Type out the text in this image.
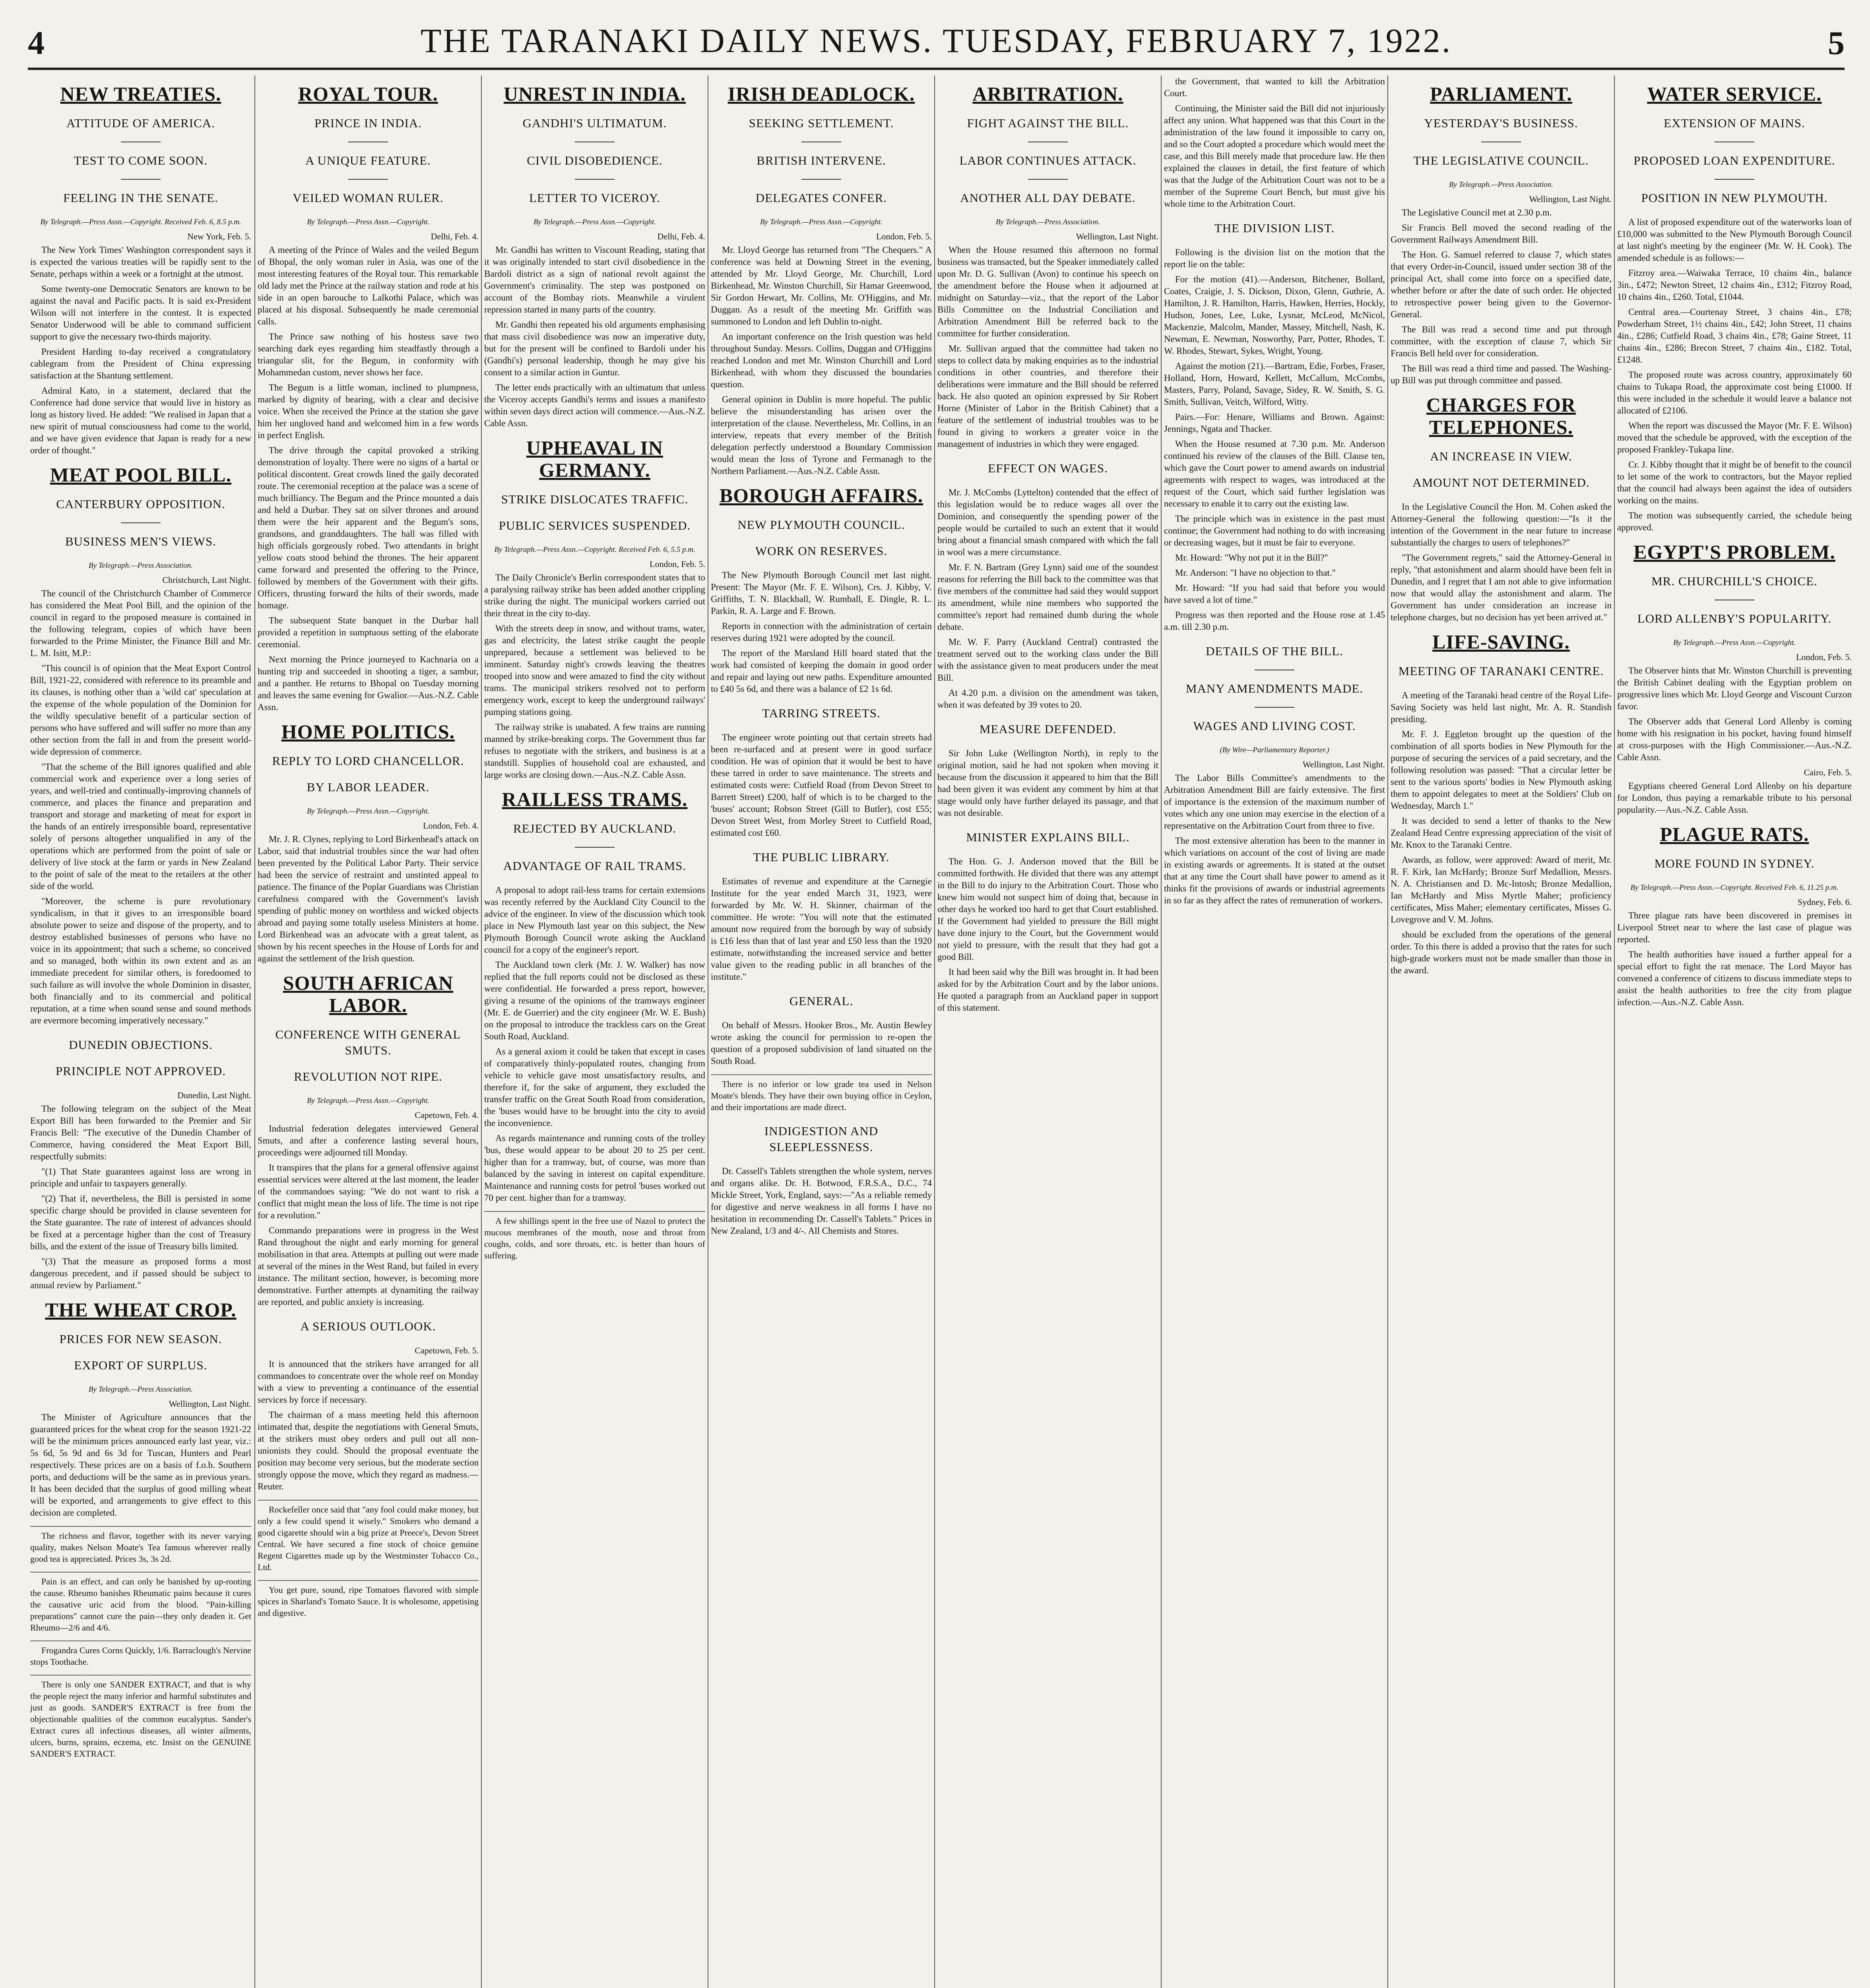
4	THE TARANAKI DAILY NEWS. TUESDAY, FEBRUARY 7, 1922.	5
NEW TREATIES.
ATTITUDE OF AMERICA.
TEST TO COME SOON.
FEELING IN THE SENATE.
By Telegraph.—Press Assn.—Copyright. Received Feb. 6, 8.5 p.m.
New York, Feb. 5.

The New York Times' Washington correspondent says it is expected the various treaties will be rapidly sent to the Senate, perhaps within a week or a fortnight at the utmost.

Some twenty-one Democratic Senators are known to be against the naval and Pacific pacts. It is said ex-President Wilson will not interfere in the contest. It is expected Senator Underwood will be able to command sufficient support to give the necessary two-thirds majority.

President Harding to-day received a congratulatory cablegram from the President of China expressing satisfaction at the Shantung settlement.

Admiral Kato, in a statement, declared that the Conference had done service that would live in history as long as history lived. He added: "We realised in Japan that a new spirit of mutual consciousness had come to the world, and we have given evidence that Japan is ready for a new order of thought."

MEAT POOL BILL.
CANTERBURY OPPOSITION.
BUSINESS MEN'S VIEWS.
By Telegraph.—Press Association.
Christchurch, Last Night.

The council of the Christchurch Chamber of Commerce has considered the Meat Pool Bill, and the opinion of the council in regard to the proposed measure is contained in the following telegram, copies of which have been forwarded to the Prime Minister, the Finance Bill and Mr. L. M. Isitt, M.P.:

"This council is of opinion that the Meat Export Control Bill, 1921-22, considered with reference to its preamble and its clauses, is nothing other than a 'wild cat' speculation at the expense of the whole population of the Dominion for the wildly speculative benefit of a particular section of persons who have suffered and will suffer no more than any other section from the fall in and from the present world-wide depression of commerce.

"That the scheme of the Bill ignores qualified and able commercial work and experience over a long series of years, and well-tried and continually-improving channels of commerce, and places the finance and preparation and transport and storage and marketing of meat for export in the hands of an entirely irresponsible board, representative solely of persons altogether unqualified in any of the operations which are performed from the point of sale or delivery of live stock at the farm or yards in New Zealand to the point of sale of the meat to the retailers at the other side of the world.

"Moreover, the scheme is pure revolutionary syndicalism, in that it gives to an irresponsible board absolute power to seize and dispose of the property, and to destroy established businesses of persons who have no voice in its appointment; that such a scheme, so conceived and so managed, both within its own extent and as an immediate precedent for similar others, is foredoomed to such failure as will involve the whole Dominion in disaster, both financially and to its commercial and political reputation, at a time when sound sense and sound methods are evermore becoming imperatively necessary."

DUNEDIN OBJECTIONS.
PRINCIPLE NOT APPROVED.
Dunedin, Last Night.

The following telegram on the subject of the Meat Export Bill has been forwarded to the Premier and Sir Francis Bell: "The executive of the Dunedin Chamber of Commerce, having considered the Meat Export Bill, respectfully submits:

"(1) That State guarantees against loss are wrong in principle and unfair to taxpayers generally.

"(2) That if, nevertheless, the Bill is persisted in some specific charge should be provided in clause seventeen for the State guarantee. The rate of interest of advances should be fixed at a percentage higher than the cost of Treasury bills, and the extent of the issue of Treasury bills limited.

"(3) That the measure as proposed forms a most dangerous precedent, and if passed should be subject to annual review by Parliament."

THE WHEAT CROP.
PRICES FOR NEW SEASON.
EXPORT OF SURPLUS.
By Telegraph.—Press Association.
Wellington, Last Night.

The Minister of Agriculture announces that the guaranteed prices for the wheat crop for the season 1921-22 will be the minimum prices announced early last year, viz.: 5s 6d, 5s 9d and 6s 3d for Tuscan, Hunters and Pearl respectively. These prices are on a basis of f.o.b. Southern ports, and deductions will be the same as in previous years. It has been decided that the surplus of good milling wheat will be exported, and arrangements to give effect to this decision are completed.

The richness and flavor, together with its never varying quality, makes Nelson Moate's Tea famous wherever really good tea is appreciated. Prices 3s, 3s 2d.

Pain is an effect, and can only be banished by up-rooting the cause. Rheumo banishes Rheumatic pains because it cures the causative uric acid from the blood. "Pain-killing preparations" cannot cure the pain—they only deaden it. Get Rheumo—2/6 and 4/6.

Frogandra Cures Corns Quickly, 1/6. Barraclough's Nervine stops Toothache.

There is only one SANDER EXTRACT, and that is why the people reject the many inferior and harmful substitutes and just as goods. SANDER'S EXTRACT is free from the objectionable qualities of the common eucalyptus. Sander's Extract cures all infectious diseases, all winter ailments, ulcers, burns, sprains, eczema, etc. Insist on the GENUINE SANDER'S EXTRACT.

ROYAL TOUR.
PRINCE IN INDIA.
A UNIQUE FEATURE.
VEILED WOMAN RULER.
By Telegraph.—Press Assn.—Copyright.
Delhi, Feb. 4.

A meeting of the Prince of Wales and the veiled Begum of Bhopal, the only woman ruler in Asia, was one of the most interesting features of the Royal tour. This remarkable old lady met the Prince at the railway station and rode at his side in an open barouche to Lalkothi Palace, which was placed at his disposal. Subsequently he made ceremonial calls.

The Prince saw nothing of his hostess save two searching dark eyes regarding him steadfastly through a triangular slit, for the Begum, in conformity with Mohammedan custom, never shows her face.

The Begum is a little woman, inclined to plumpness, marked by dignity of bearing, with a clear and decisive voice. When she received the Prince at the station she gave him her ungloved hand and welcomed him in a few words in perfect English.

The drive through the capital provoked a striking demonstration of loyalty. There were no signs of a hartal or political discontent. Great crowds lined the gaily decorated route. The ceremonial reception at the palace was a scene of much brilliancy. The Begum and the Prince mounted a dais and held a Durbar. They sat on silver thrones and around them were the heir apparent and the Begum's sons, grandsons, and granddaughters. The hall was filled with high officials gorgeously robed. Two attendants in bright yellow coats stood behind the thrones. The heir apparent came forward and presented the offering to the Prince, followed by members of the Government with their gifts. Officers, thrusting forward the hilts of their swords, made homage.

The subsequent State banquet in the Durbar hall provided a repetition in sumptuous setting of the elaborate ceremonial.

Next morning the Prince journeyed to Kachnaria on a hunting trip and succeeded in shooting a tiger, a sambur, and a panther. He returns to Bhopal on Tuesday morning and leaves the same evening for Gwalior.—Aus.-N.Z. Cable Assn.

HOME POLITICS.
REPLY TO LORD CHANCELLOR.
BY LABOR LEADER.
By Telegraph.—Press Assn.—Copyright.
London, Feb. 4.

Mr. J. R. Clynes, replying to Lord Birkenhead's attack on Labor, said that industrial troubles since the war had often been prevented by the Political Labor Party. Their service had been the service of restraint and unstinted appeal to patience. The finance of the Poplar Guardians was Christian carefulness compared with the Government's lavish spending of public money on worthless and wicked objects abroad and paying some totally useless Ministers at home. Lord Birkenhead was an advocate with a great talent, as shown by his recent speeches in the House of Lords for and against the settlement of the Irish question.

SOUTH AFRICAN LABOR.
CONFERENCE WITH GENERAL SMUTS.
REVOLUTION NOT RIPE.
By Telegraph.—Press Assn.—Copyright.
Capetown, Feb. 4.

Industrial federation delegates interviewed General Smuts, and after a conference lasting several hours, proceedings were adjourned till Monday.

It transpires that the plans for a general offensive against essential services were altered at the last moment, the leader of the commandoes saying: "We do not want to risk a conflict that might mean the loss of life. The time is not ripe for a revolution."

Commando preparations were in progress in the West Rand throughout the night and early morning for general mobilisation in that area. Attempts at pulling out were made at several of the mines in the West Rand, but failed in every instance. The militant section, however, is becoming more demonstrative. Further attempts at dynamiting the railway are reported, and public anxiety is increasing.

A SERIOUS OUTLOOK.
Capetown, Feb. 5.

It is announced that the strikers have arranged for all commandoes to concentrate over the whole reef on Monday with a view to preventing a continuance of the essential services by force if necessary.

The chairman of a mass meeting held this afternoon intimated that, despite the negotiations with General Smuts, at the strikers must obey orders and pull out all non-unionists they could. Should the proposal eventuate the position may become very serious, but the moderate section strongly oppose the move, which they regard as madness.—Reuter.

Rockefeller once said that "any fool could make money, but only a few could spend it wisely." Smokers who demand a good cigarette should win a big prize at Preece's, Devon Street Central. We have secured a fine stock of choice genuine Regent Cigarettes made up by the Westminster Tobacco Co., Ltd.

You get pure, sound, ripe Tomatoes flavored with simple spices in Sharland's Tomato Sauce. It is wholesome, appetising and digestive.

UNREST IN INDIA.
GANDHI'S ULTIMATUM.
CIVIL DISOBEDIENCE.
LETTER TO VICEROY.
By Telegraph.—Press Assn.—Copyright.
Delhi, Feb. 4.

Mr. Gandhi has written to Viscount Reading, stating that it was originally intended to start civil disobedience in the Bardoli district as a sign of national revolt against the Government's criminality. The step was postponed on account of the Bombay riots. Meanwhile a virulent repression started in many parts of the country.

Mr. Gandhi then repeated his old arguments emphasising that mass civil disobedience was now an imperative duty, but for the present will be confined to Bardoli under his (Gandhi's) personal leadership, though he may give his consent to a similar action in Guntur.

The letter ends practically with an ultimatum that unless the Viceroy accepts Gandhi's terms and issues a manifesto within seven days direct action will commence.—Aus.-N.Z. Cable Assn.

UPHEAVAL IN GERMANY.
STRIKE DISLOCATES TRAFFIC.
PUBLIC SERVICES SUSPENDED.
By Telegraph.—Press Assn.—Copyright. Received Feb. 6, 5.5 p.m.
London, Feb. 5.

The Daily Chronicle's Berlin correspondent states that to a paralysing railway strike has been added another crippling strike during the night. The municipal workers carried out their threat in the city to-day.

With the streets deep in snow, and without trams, water, gas and electricity, the latest strike caught the people unprepared, because a settlement was believed to be imminent. Saturday night's crowds leaving the theatres trooped into snow and were amazed to find the city without trams. The municipal strikers resolved not to perform emergency work, except to keep the underground railways' pumping stations going.

The railway strike is unabated. A few trains are running manned by strike-breaking corps. The Government thus far refuses to negotiate with the strikers, and business is at a standstill. Supplies of household coal are exhausted, and large works are closing down.—Aus.-N.Z. Cable Assn.

RAILLESS TRAMS.
REJECTED BY AUCKLAND.
ADVANTAGE OF RAIL TRAMS.

A proposal to adopt rail-less trams for certain extensions was recently referred by the Auckland City Council to the advice of the engineer. In view of the discussion which took place in New Plymouth last year on this subject, the New Plymouth Borough Council wrote asking the Auckland council for a copy of the engineer's report.

The Auckland town clerk (Mr. J. W. Walker) has now replied that the full reports could not be disclosed as these were confidential. He forwarded a press report, however, giving a resume of the opinions of the tramways engineer (Mr. E. de Guerrier) and the city engineer (Mr. W. E. Bush) on the proposal to introduce the trackless cars on the Great South Road, Auckland.

As a general axiom it could be taken that except in cases of comparatively thinly-populated routes, changing from vehicle to vehicle gave most unsatisfactory results, and therefore if, for the sake of argument, they excluded the transfer traffic on the Great South Road from consideration, the 'buses would have to be brought into the city to avoid the inconvenience.

As regards maintenance and running costs of the trolley 'bus, these would appear to be about 20 to 25 per cent. higher than for a tramway, but, of course, was more than balanced by the saving in interest on capital expenditure. Maintenance and running costs for petrol 'buses worked out 70 per cent. higher than for a tramway.

A few shillings spent in the free use of Nazol to protect the mucous membranes of the mouth, nose and throat from coughs, colds, and sore throats, etc. is better than hours of suffering.

IRISH DEADLOCK.
SEEKING SETTLEMENT.
BRITISH INTERVENE.
DELEGATES CONFER.
By Telegraph.—Press Assn.—Copyright.
London, Feb. 5.

Mr. Lloyd George has returned from "The Chequers." A conference was held at Downing Street in the evening, attended by Mr. Lloyd George, Mr. Churchill, Lord Birkenhead, Mr. Winston Churchill, Sir Hamar Greenwood, Sir Gordon Hewart, Mr. Collins, Mr. O'Higgins, and Mr. Duggan. As a result of the meeting Mr. Griffith was summoned to London and left Dublin to-night.

An important conference on the Irish question was held throughout Sunday. Messrs. Collins, Duggan and O'Higgins reached London and met Mr. Winston Churchill and Lord Birkenhead, with whom they discussed the boundaries question.

General opinion in Dublin is more hopeful. The public believe the misunderstanding has arisen over the interpretation of the clause. Nevertheless, Mr. Collins, in an interview, repeats that every member of the British delegation perfectly understood a Boundary Commission would mean the loss of Tyrone and Fermanagh to the Northern Parliament.—Aus.-N.Z. Cable Assn.

BOROUGH AFFAIRS.
NEW PLYMOUTH COUNCIL.
WORK ON RESERVES.

The New Plymouth Borough Council met last night. Present: The Mayor (Mr. F. E. Wilson), Crs. J. Kibby, V. Griffiths, T. N. Blackball, W. Rumball, E. Dingle, R. L. Parkin, R. A. Large and F. Brown.

Reports in connection with the administration of certain reserves during 1921 were adopted by the council.

The report of the Marsland Hill board stated that the work had consisted of keeping the domain in good order and repair and laying out new paths. Expenditure amounted to £40 5s 6d, and there was a balance of £2 1s 6d.

TARRING STREETS.

The engineer wrote pointing out that certain streets had been re-surfaced and at present were in good surface condition. He was of opinion that it would be best to have these tarred in order to save maintenance. The streets and estimated costs were: Cutfield Road (from Devon Street to Barrett Street) £200, half of which is to be charged to the 'buses' account; Robson Street (Gill to Butler), cost £55; Devon Street West, from Morley Street to Cutfield Road, estimated cost £60.

THE PUBLIC LIBRARY.

Estimates of revenue and expenditure at the Carnegie Institute for the year ended March 31, 1923, were forwarded by Mr. W. H. Skinner, chairman of the committee. He wrote: "You will note that the estimated amount now required from the borough by way of subsidy is £16 less than that of last year and £50 less than the 1920 estimate, notwithstanding the increased service and better value given to the reading public in all branches of the institute."

GENERAL.

On behalf of Messrs. Hooker Bros., Mr. Austin Bewley wrote asking the council for permission to re-open the question of a proposed subdivision of land situated on the South Road.

There is no inferior or low grade tea used in Nelson Moate's blends. They have their own buying office in Ceylon, and their importations are made direct.

INDIGESTION AND SLEEPLESSNESS.

Dr. Cassell's Tablets strengthen the whole system, nerves and organs alike. Dr. H. Botwood, F.R.S.A., D.C., 74 Mickle Street, York, England, says:—"As a reliable remedy for digestive and nerve weakness in all forms I have no hesitation in recommending Dr. Cassell's Tablets." Prices in New Zealand, 1/3 and 4/-. All Chemists and Stores.

ARBITRATION.
FIGHT AGAINST THE BILL.
LABOR CONTINUES ATTACK.
ANOTHER ALL DAY DEBATE.
By Telegraph.—Press Association.
Wellington, Last Night.

When the House resumed this afternoon no formal business was transacted, but the Speaker immediately called upon Mr. D. G. Sullivan (Avon) to continue his speech on the amendment before the House when it adjourned at midnight on Saturday—viz., that the report of the Labor Bills Committee on the Industrial Conciliation and Arbitration Amendment Bill be referred back to the committee for further consideration.

Mr. Sullivan argued that the committee had taken no steps to collect data by making enquiries as to the industrial conditions in other countries, and therefore their deliberations were immature and the Bill should be referred back. He also quoted an opinion expressed by Sir Robert Horne (Minister of Labor in the British Cabinet) that a feature of the settlement of industrial troubles was to be found in giving to workers a greater voice in the management of industries in which they were engaged.

EFFECT ON WAGES.

Mr. J. McCombs (Lyttelton) contended that the effect of this legislation would be to reduce wages all over the Dominion, and consequently the spending power of the people would be curtailed to such an extent that it would bring about a financial smash compared with which the fall in wool was a mere circumstance.

Mr. F. N. Bartram (Grey Lynn) said one of the soundest reasons for referring the Bill back to the committee was that five members of the committee had said they would support its amendment, while nine members who supported the committee's report had remained dumb during the whole debate.

Mr. W. F. Parry (Auckland Central) contrasted the treatment served out to the working class under the Bill with the assistance given to meat producers under the meat Bill.

At 4.20 p.m. a division on the amendment was taken, when it was defeated by 39 votes to 20.

MEASURE DEFENDED.

Sir John Luke (Wellington North), in reply to the original motion, said he had not spoken when moving it because from the discussion it appeared to him that the Bill had been given it was evident any comment by him at that stage would only have further delayed its passage, and that was not desirable.

MINISTER EXPLAINS BILL.

The Hon. G. J. Anderson moved that the Bill be committed forthwith. He divided that there was any attempt in the Bill to do injury to the Arbitration Court. Those who knew him would not suspect him of doing that, because in other days he worked too hard to get that Court established. If the Government had yielded to pressure the Bill might have done injury to the Court, but the Government would not yield to pressure, with the result that they had got a good Bill.

It had been said why the Bill was brought in. It had been asked for by the Arbitration Court and by the labor unions. He quoted a paragraph from an Auckland paper in support of this statement.

the Government, that wanted to kill the Arbitration Court.

Continuing, the Minister said the Bill did not injuriously affect any union. What happened was that this Court in the administration of the law found it impossible to carry on, and so the Court adopted a procedure which would meet the case, and this Bill merely made that procedure law. He then explained the clauses in detail, the first feature of which was that the Judge of the Arbitration Court was not to be a member of the Supreme Court Bench, but must give his whole time to the Arbitration Court.

THE DIVISION LIST.

Following is the division list on the motion that the report lie on the table:

For the motion (41).—Anderson, Bitchener, Bollard, Coates, Craigie, J. S. Dickson, Dixon, Glenn, Guthrie, A. Hamilton, J. R. Hamilton, Harris, Hawken, Herries, Hockly, Hudson, Jones, Lee, Luke, Lysnar, McLeod, McNicol, Mackenzie, Malcolm, Mander, Massey, Mitchell, Nash, K. Newman, E. Newman, Nosworthy, Parr, Potter, Rhodes, T. W. Rhodes, Stewart, Sykes, Wright, Young.

Against the motion (21).—Bartram, Edie, Forbes, Fraser, Holland, Horn, Howard, Kellett, McCallum, McCombs, Masters, Parry, Poland, Savage, Sidey, R. W. Smith, S. G. Smith, Sullivan, Veitch, Wilford, Witty.

Pairs.—For: Henare, Williams and Brown. Against: Jennings, Ngata and Thacker.

When the House resumed at 7.30 p.m. Mr. Anderson continued his review of the clauses of the Bill. Clause ten, which gave the Court power to amend awards on industrial agreements with respect to wages, was introduced at the request of the Court, which said further legislation was necessary to enable it to carry out the existing law.

The principle which was in existence in the past must continue; the Government had nothing to do with increasing or decreasing wages, but it must be fair to everyone.

Mr. Howard: "Why not put it in the Bill?"

Mr. Anderson: "I have no objection to that."

Mr. Howard: "If you had said that before you would have saved a lot of time."

Progress was then reported and the House rose at 1.45 a.m. till 2.30 p.m.

DETAILS OF THE BILL.
MANY AMENDMENTS MADE.
WAGES AND LIVING COST.
(By Wire—Parliamentary Reporter.)
Wellington, Last Night.

The Labor Bills Committee's amendments to the Arbitration Amendment Bill are fairly extensive. The first of importance is the extension of the maximum number of votes which any one union may exercise in the election of a representative on the Arbitration Court from three to five.

The most extensive alteration has been to the manner in which variations on account of the cost of living are made in existing awards or agreements. It is stated at the outset that at any time the Court shall have power to amend as it thinks fit the provisions of awards or industrial agreements in so far as they affect the rates of remuneration of workers.

PARLIAMENT.
YESTERDAY'S BUSINESS.
THE LEGISLATIVE COUNCIL.
By Telegraph.—Press Association.
Wellington, Last Night.

The Legislative Council met at 2.30 p.m.

Sir Francis Bell moved the second reading of the Government Railways Amendment Bill.

The Hon. G. Samuel referred to clause 7, which states that every Order-in-Council, issued under section 38 of the principal Act, shall come into force on a specified date, whether before or after the date of such order. He objected to retrospective power being given to the Governor-General.

The Bill was read a second time and put through committee, with the exception of clause 7, which Sir Francis Bell held over for consideration.

The Bill was read a third time and passed. The Washing-up Bill was put through committee and passed.

CHARGES FOR TELEPHONES.
AN INCREASE IN VIEW.
AMOUNT NOT DETERMINED.

In the Legislative Council the Hon. M. Cohen asked the Attorney-General the following question:—"Is it the intention of the Government in the near future to increase substantially the charges to users of telephones?"

"The Government regrets," said the Attorney-General in reply, "that astonishment and alarm should have been felt in Dunedin, and I regret that I am not able to give information now that would allay the astonishment and alarm. The Government has under consideration an increase in telephone charges, but no decision has yet been arrived at."

LIFE-SAVING.
MEETING OF TARANAKI CENTRE.

A meeting of the Taranaki head centre of the Royal Life-Saving Society was held last night, Mr. A. R. Standish presiding.

Mr. F. J. Eggleton brought up the question of the combination of all sports bodies in New Plymouth for the purpose of securing the services of a paid secretary, and the following resolution was passed: "That a circular letter be sent to the various sports' bodies in New Plymouth asking them to appoint delegates to meet at the Soldiers' Club on Wednesday, March 1."

It was decided to send a letter of thanks to the New Zealand Head Centre expressing appreciation of the visit of Mr. Knox to the Taranaki Centre.

Awards, as follow, were approved: Award of merit, Mr. R. F. Kirk, Ian McHardy; Bronze Surf Medallion, Messrs. N. A. Christiansen and D. Mc-Intosh; Bronze Medallion, Ian McHardy and Miss Myrtle Maher; proficiency certificates, Miss Maher; elementary certificates, Misses G. Lovegrove and V. M. Johns.

should be excluded from the operations of the general order. To this there is added a proviso that the rates for such high-grade workers must not be made smaller than those in the award.

WATER SERVICE.
EXTENSION OF MAINS.
PROPOSED LOAN EXPENDITURE.
POSITION IN NEW PLYMOUTH.

A list of proposed expenditure out of the waterworks loan of £10,000 was submitted to the New Plymouth Borough Council at last night's meeting by the engineer (Mr. W. H. Cook). The amended schedule is as follows:—

Fitzroy area.—Waiwaka Terrace, 10 chains 4in., balance 3in., £472; Newton Street, 12 chains 4in., £312; Fitzroy Road, 10 chains 4in., £260. Total, £1044.

Central area.—Courtenay Street, 3 chains 4in., £78; Powderham Street, 1½ chains 4in., £42; John Street, 11 chains 4in., £286; Cutfield Road, 3 chains 4in., £78; Gaine Street, 11 chains 4in., £286; Brecon Street, 7 chains 4in., £182. Total, £1248.

The proposed route was across country, approximately 60 chains to Tukapa Road, the approximate cost being £1000. If this were included in the schedule it would leave a balance not allocated of £2106.

When the report was discussed the Mayor (Mr. F. E. Wilson) moved that the schedule be approved, with the exception of the proposed Frankley-Tukapa line.

Cr. J. Kibby thought that it might be of benefit to the council to let some of the work to contractors, but the Mayor replied that the council had always been against the idea of outsiders working on the mains.

The motion was subsequently carried, the schedule being approved.

EGYPT'S PROBLEM.
MR. CHURCHILL'S CHOICE.
LORD ALLENBY'S POPULARITY.
By Telegraph.—Press Assn.—Copyright.
London, Feb. 5.

The Observer hints that Mr. Winston Churchill is preventing the British Cabinet dealing with the Egyptian problem on progressive lines which Mr. Lloyd George and Viscount Curzon favor.

The Observer adds that General Lord Allenby is coming home with his resignation in his pocket, having found himself at cross-purposes with the High Commissioner.—Aus.-N.Z. Cable Assn.

Cairo, Feb. 5.

Egyptians cheered General Lord Allenby on his departure for London, thus paying a remarkable tribute to his personal popularity.—Aus.-N.Z. Cable Assn.

PLAGUE RATS.
MORE FOUND IN SYDNEY.
By Telegraph.—Press Assn.—Copyright. Received Feb. 6, 11.25 p.m.
Sydney, Feb. 6.

Three plague rats have been discovered in premises in Liverpool Street near to where the last case of plague was reported.

The health authorities have issued a further appeal for a special effort to fight the rat menace. The Lord Mayor has convened a conference of citizens to discuss immediate steps to assist the health authorities to free the city from plague infection.—Aus.-N.Z. Cable Assn.
